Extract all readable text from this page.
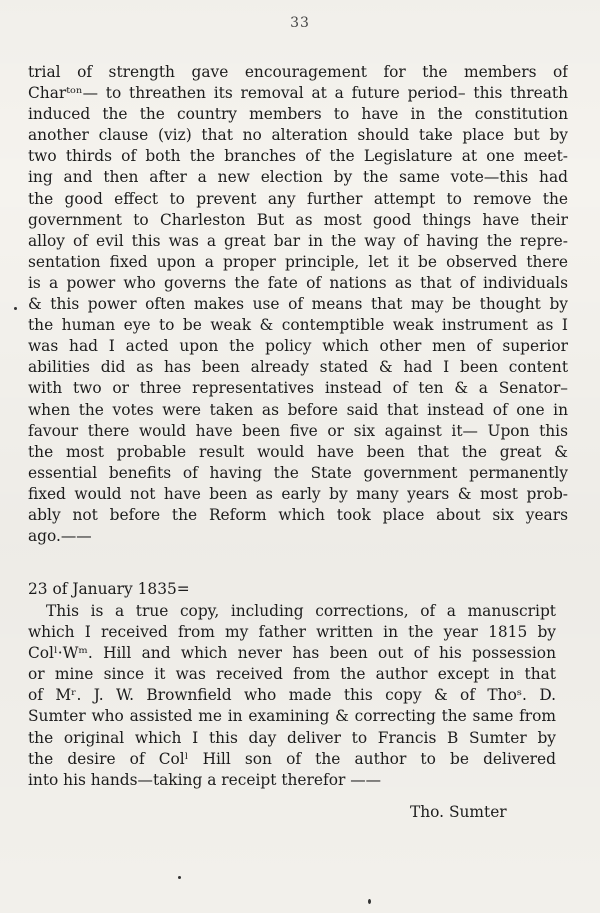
33
trial of strength gave encouragement for the members of
Charᵗᵒⁿ— to threathen its removal at a future period– this threath
induced the the country members to have in the constitution
another clause (viz) that no alteration should take place but by
two thirds of both the branches of the Legislature at one meet-
ing and then after a new election by the same vote—this had
the good effect to prevent any further attempt to remove the
government to Charleston But as most good things have their
alloy of evil this was a great bar in the way of having the repre-
sentation fixed upon a proper principle, let it be observed there
is a power who governs the fate of nations as that of individuals
& this power often makes use of means that may be thought by
the human eye to be weak & contemptible weak instrument as I
was had I acted upon the policy which other men of superior
abilities did as has been already stated & had I been content
with two or three representatives instead of ten & a Senator–
when the votes were taken as before said that instead of one in
favour there would have been five or six against it— Upon this
the most probable result would have been that the great &
essential benefits of having the State government permanently
fixed would not have been as early by many years & most prob-
ably not before the Reform which took place about six years
ago.——
23 of January 1835=
This is a true copy, including corrections, of a manuscript
which I received from my father written in the year 1815 by
Colˡ·Wᵐ. Hill and which never has been out of his possession
or mine since it was received from the author except in that
of Mʳ. J. W. Brownfield who made this copy & of Thoˢ. D.
Sumter who assisted me in examining & correcting the same from
the original which I this day deliver to Francis B Sumter by
the desire of Colˡ Hill son of the author to be delivered
into his hands—taking a receipt therefor ——
Tho. Sumter
